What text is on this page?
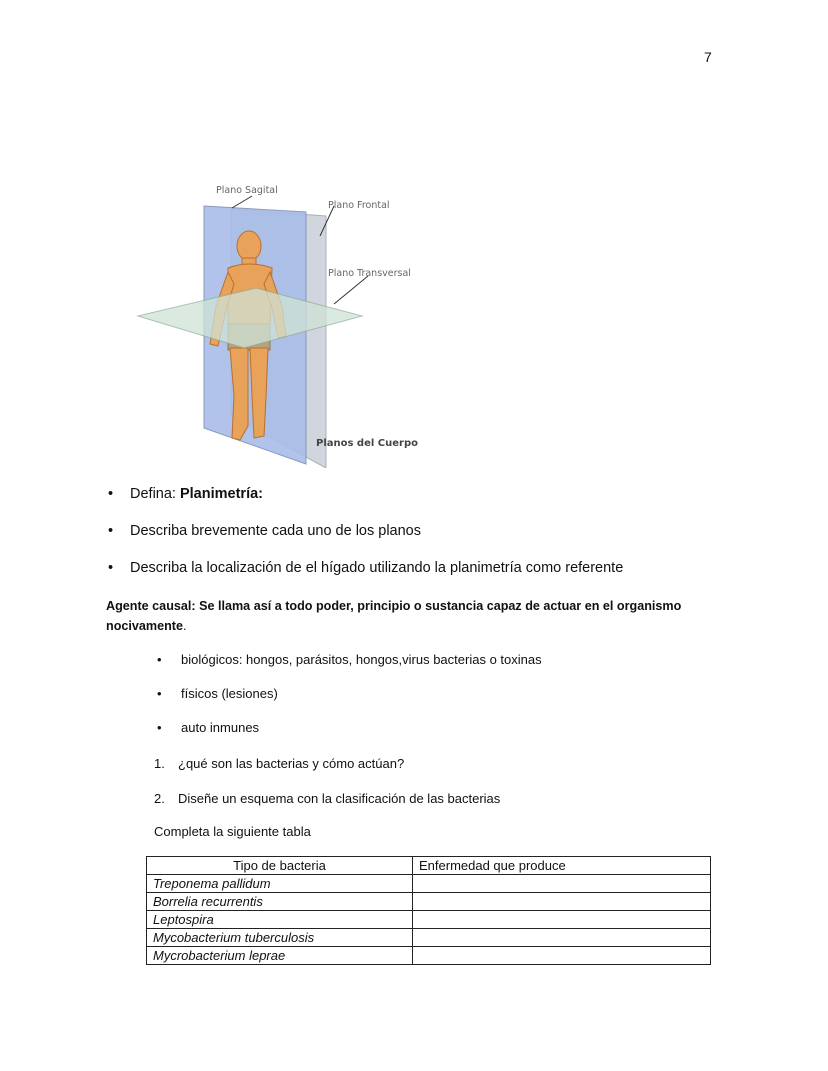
7
Plano Sagital
Plano Frontal
Plano Transversal
Planos del Cuerpo
• Defina: Planimetría:
• Describa brevemente cada uno de los planos
• Describa la localización de el hígado utilizando la planimetría como referente
Agente causal: Se llama así a todo poder, principio o sustancia capaz de actuar en el organismo nocivamente.
• biológicos: hongos, parásitos, hongos,virus bacterias o toxinas
• físicos (lesiones)
• auto inmunes
1. ¿qué son las bacterias y cómo actúan?
2. Diseñe un esquema con la clasificación de las bacterias
Completa la siguiente tabla
Tipo de bacteria	Enfermedad que produce
Treponema pallidum	
Borrelia recurrentis	
Leptospira	
Mycobacterium tuberculosis	
Mycrobacterium leprae	
